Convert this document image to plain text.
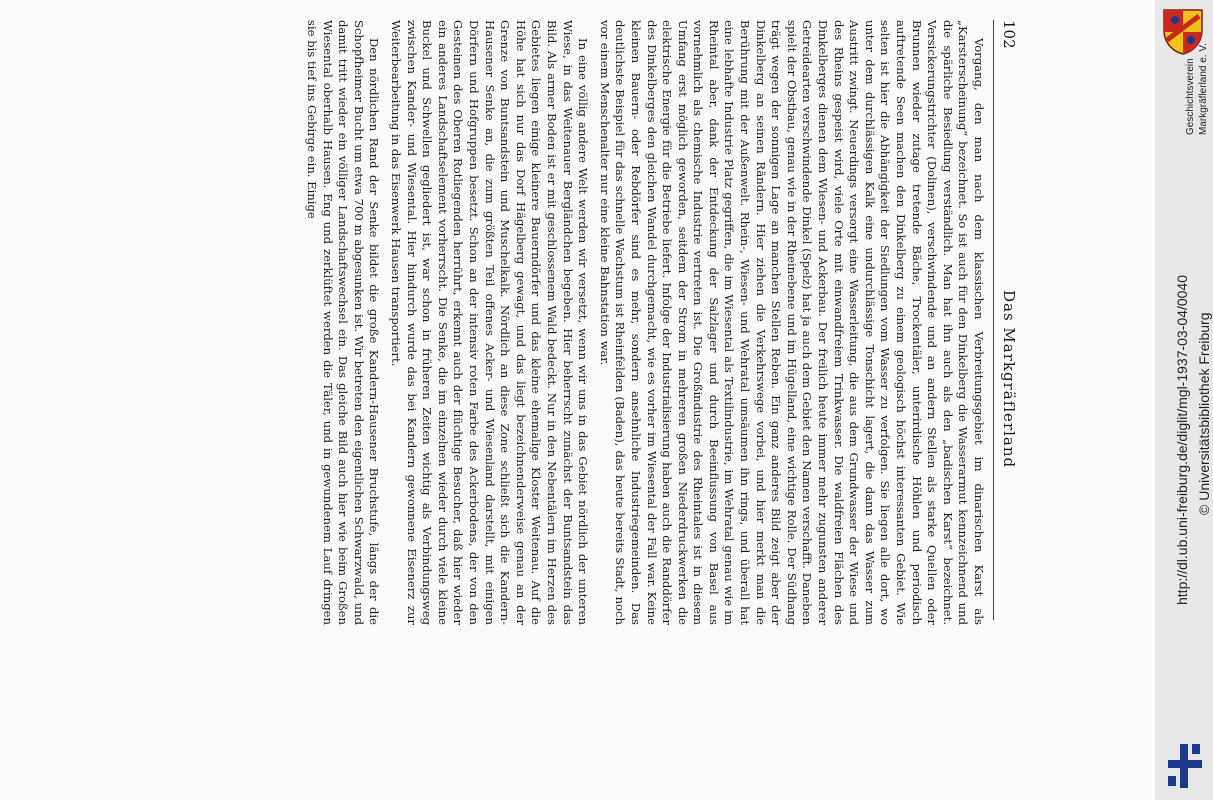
102
Das Markgräflerland

Vorgang, den man nach dem klassischen Verbreitungsgebiet im dinarischen Karst als „Karsterscheinung“ bezeichnet. So ist auch für den Dinkelberg die Wasserarmut kennzeichnend und die spärliche Besiedlung verständlich. Man hat ihn auch als den „badischen Karst“ bezeichnet. Versickerungstrichter (Dolinen), verschwindende und an andern Stellen als starke Quellen oder Brunnen wieder zutage tretende Bäche, Trockentäler, unterirdische Höhlen und periodisch auftretende Seen machen den Dinkelberg zu einem geologisch höchst interessanten Gebiet. Wie selten ist hier die Abhängigkeit der Siedlungen vom Wasser zu verfolgen. Sie liegen alle dort, wo unter dem durchlässigen Kalk eine undurchlässige Tonschicht lagert, die dann das Wasser zum Austritt zwingt. Neuerdings versorgt eine Wasserleitung, die aus dem Grundwasser der Wiese und des Rheins gespeist wird, viele Orte mit einwandfreiem Trinkwasser. Die waldfreien Flächen des Dinkelberges dienen dem Wiesen- und Ackerbau. Der freilich heute immer mehr zugunsten anderer Getreidearten verschwindende Dinkel (Spelz) hat ja auch dem Gebiet den Namen verschafft. Daneben spielt der Obstbau, genau wie in der Rheinebene und im Hügelland, eine wichtige Rolle. Der Südhang trägt wegen der sonnigen Lage an manchen Stellen Reben. Ein ganz anderes Bild zeigt aber der Dinkelberg an seinen Rändern. Hier ziehen die Verkehrswege vorbei, und hier merkt man die Berührung mit der Außenwelt. Rhein-, Wiesen- und Wehratal umsäumen ihn rings, und überall hat eine lebhafte Industrie Platz gegriffen, die im Wiesental als Textilindustrie, im Wehratal genau wie im Rheintal aber, dank der Entdeckung der Salzlager und durch Beeinflussung von Basel aus vornehmlich als chemische Industrie vertreten ist. Die Großindustrie des Rheintales ist in diesem Umfang erst möglich geworden, seitdem der Strom in mehreren großen Niederdruckwerken die elektrische Energie für die Betriebe liefert. Infolge der Industrialisierung haben auch die Randdörfer des Dinkelberges den gleichen Wandel durchgemacht, wie es vorher im Wiesental der Fall war. Keine kleinen Bauern- oder Rebdörfer sind es mehr, sondern ansehnliche Industriegemeinden. Das deutlichste Beispiel für das schnelle Wachstum ist Rheinfelden (Baden), das heute bereits Stadt, noch vor einem Menschenalter nur eine kleine Bahnstation war.

In eine völlig andere Welt werden wir versetzt, wenn wir uns in das Gebiet nördlich der unteren Wiese, in das Weitenauer Bergländchen begeben. Hier beherrscht zunächst der Buntsandstein das Bild. Als armer Boden ist er mit geschlossenem Wald bedeckt. Nur in den Nebentälern im Herzen des Gebietes liegen einige kleinere Bauerndörfer und das kleine ehemalige Kloster Weitenau. Auf die Höhe hat sich nur das Dorf Hägelberg gewagt, und das liegt bezeichnenderweise genau an der Grenze von Buntsandstein und Muschelkalk. Nördlich an diese Zone schließt sich die Kandern-Hausener Senke an, die zum größten Teil offenes Acker- und Wiesenland darstellt, mit einigen Dörfern und Hofgruppen besetzt. Schon an der intensiv roten Farbe des Ackerbodens, der von den Gesteinen des Oberen Rotliegenden herrührt, erkennt auch der flüchtige Besucher, daß hier wieder ein anderes Landschaftselement vorherrscht. Die Senke, die im einzelnen wieder durch viele kleine Buckel und Schwellen gegliedert ist, war schon in früheren Zeiten wichtig als Verbindungsweg zwischen Kander- und Wiesental. Hier hindurch wurde das bei Kandern gewonnene Eisenerz zur Weiterbearbeitung in das Eisenwerk Hausen transportiert.

Den nördlichen Rand der Senke bildet die große Kandern-Hausener Bruchstufe, längs der die Schopfheimer Bucht um etwa 700 m abgesunken ist. Wir betreten den eigentlichen Schwarzwald, und damit tritt wieder ein völliger Landschaftswechsel ein. Das gleiche Bild auch hier wie beim Großen Wiesental oberhalb Hausen. Eng und zerklüftet werden die Täler, und in gewundenem Lauf dringen sie bis tief ins Gebirge ein. Einige	Geschichtsverein Markgräflerland e. V.
http://dl.ub.uni-freiburg.de/diglit/mgl-1937-03-04/0040 © Universitätsbibliothek Freiburg
